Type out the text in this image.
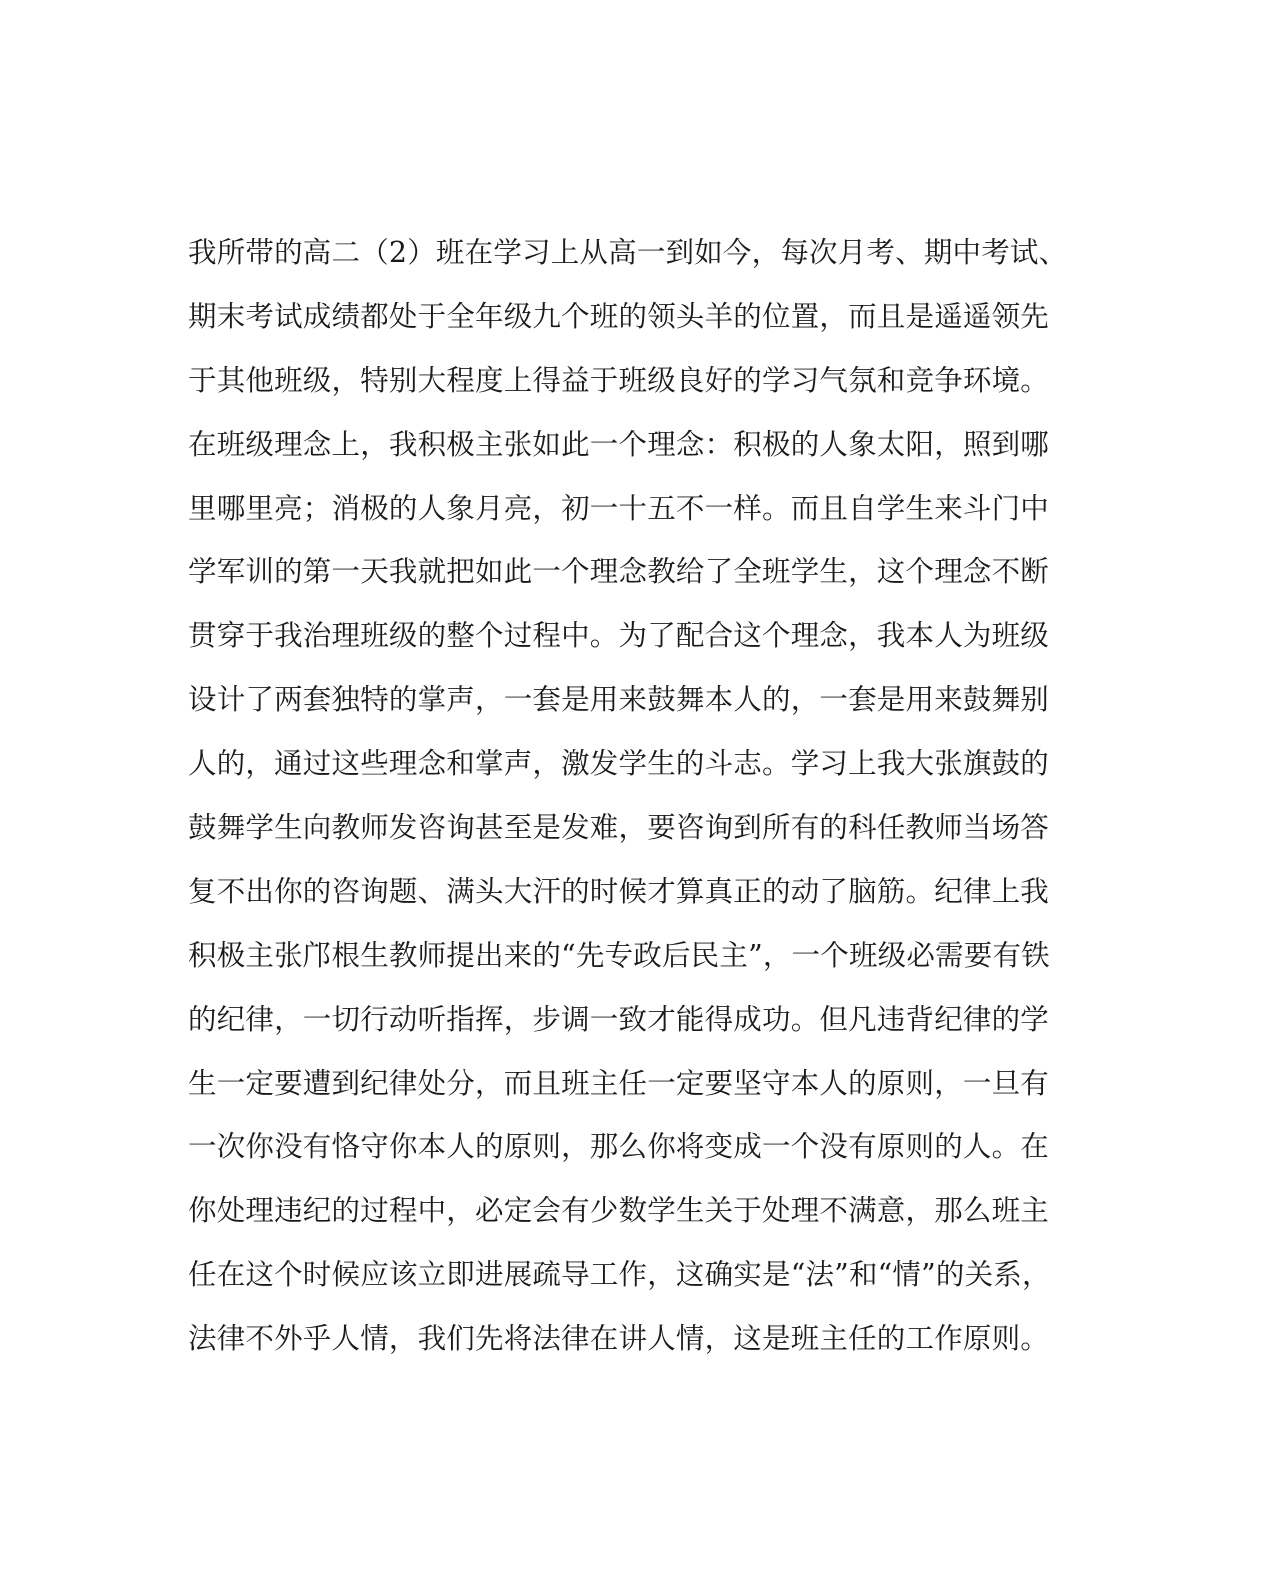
我所带的高二（2）班在学习上从高一到如今，每次月考、期中考试、
期末考试成绩都处于全年级九个班的领头羊的位置，而且是遥遥领先
于其他班级，特别大程度上得益于班级良好的学习气氛和竞争环境。
在班级理念上，我积极主张如此一个理念：积极的人象太阳，照到哪
里哪里亮；消极的人象月亮，初一十五不一样。而且自学生来斗门中
学军训的第一天我就把如此一个理念教给了全班学生，这个理念不断
贯穿于我治理班级的整个过程中。为了配合这个理念，我本人为班级
设计了两套独特的掌声，一套是用来鼓舞本人的，一套是用来鼓舞别
人的，通过这些理念和掌声，激发学生的斗志。学习上我大张旗鼓的
鼓舞学生向教师发咨询甚至是发难，要咨询到所有的科任教师当场答
复不出你的咨询题、满头大汗的时候才算真正的动了脑筋。纪律上我
积极主张邝根生教师提出来的“先专政后民主”，一个班级必需要有铁
的纪律，一切行动听指挥，步调一致才能得成功。但凡违背纪律的学
生一定要遭到纪律处分，而且班主任一定要坚守本人的原则，一旦有
一次你没有恪守你本人的原则，那么你将变成一个没有原则的人。在
你处理违纪的过程中，必定会有少数学生关于处理不满意，那么班主
任在这个时候应该立即进展疏导工作，这确实是“法”和“情”的关系，
法律不外乎人情，我们先将法律在讲人情，这是班主任的工作原则。
